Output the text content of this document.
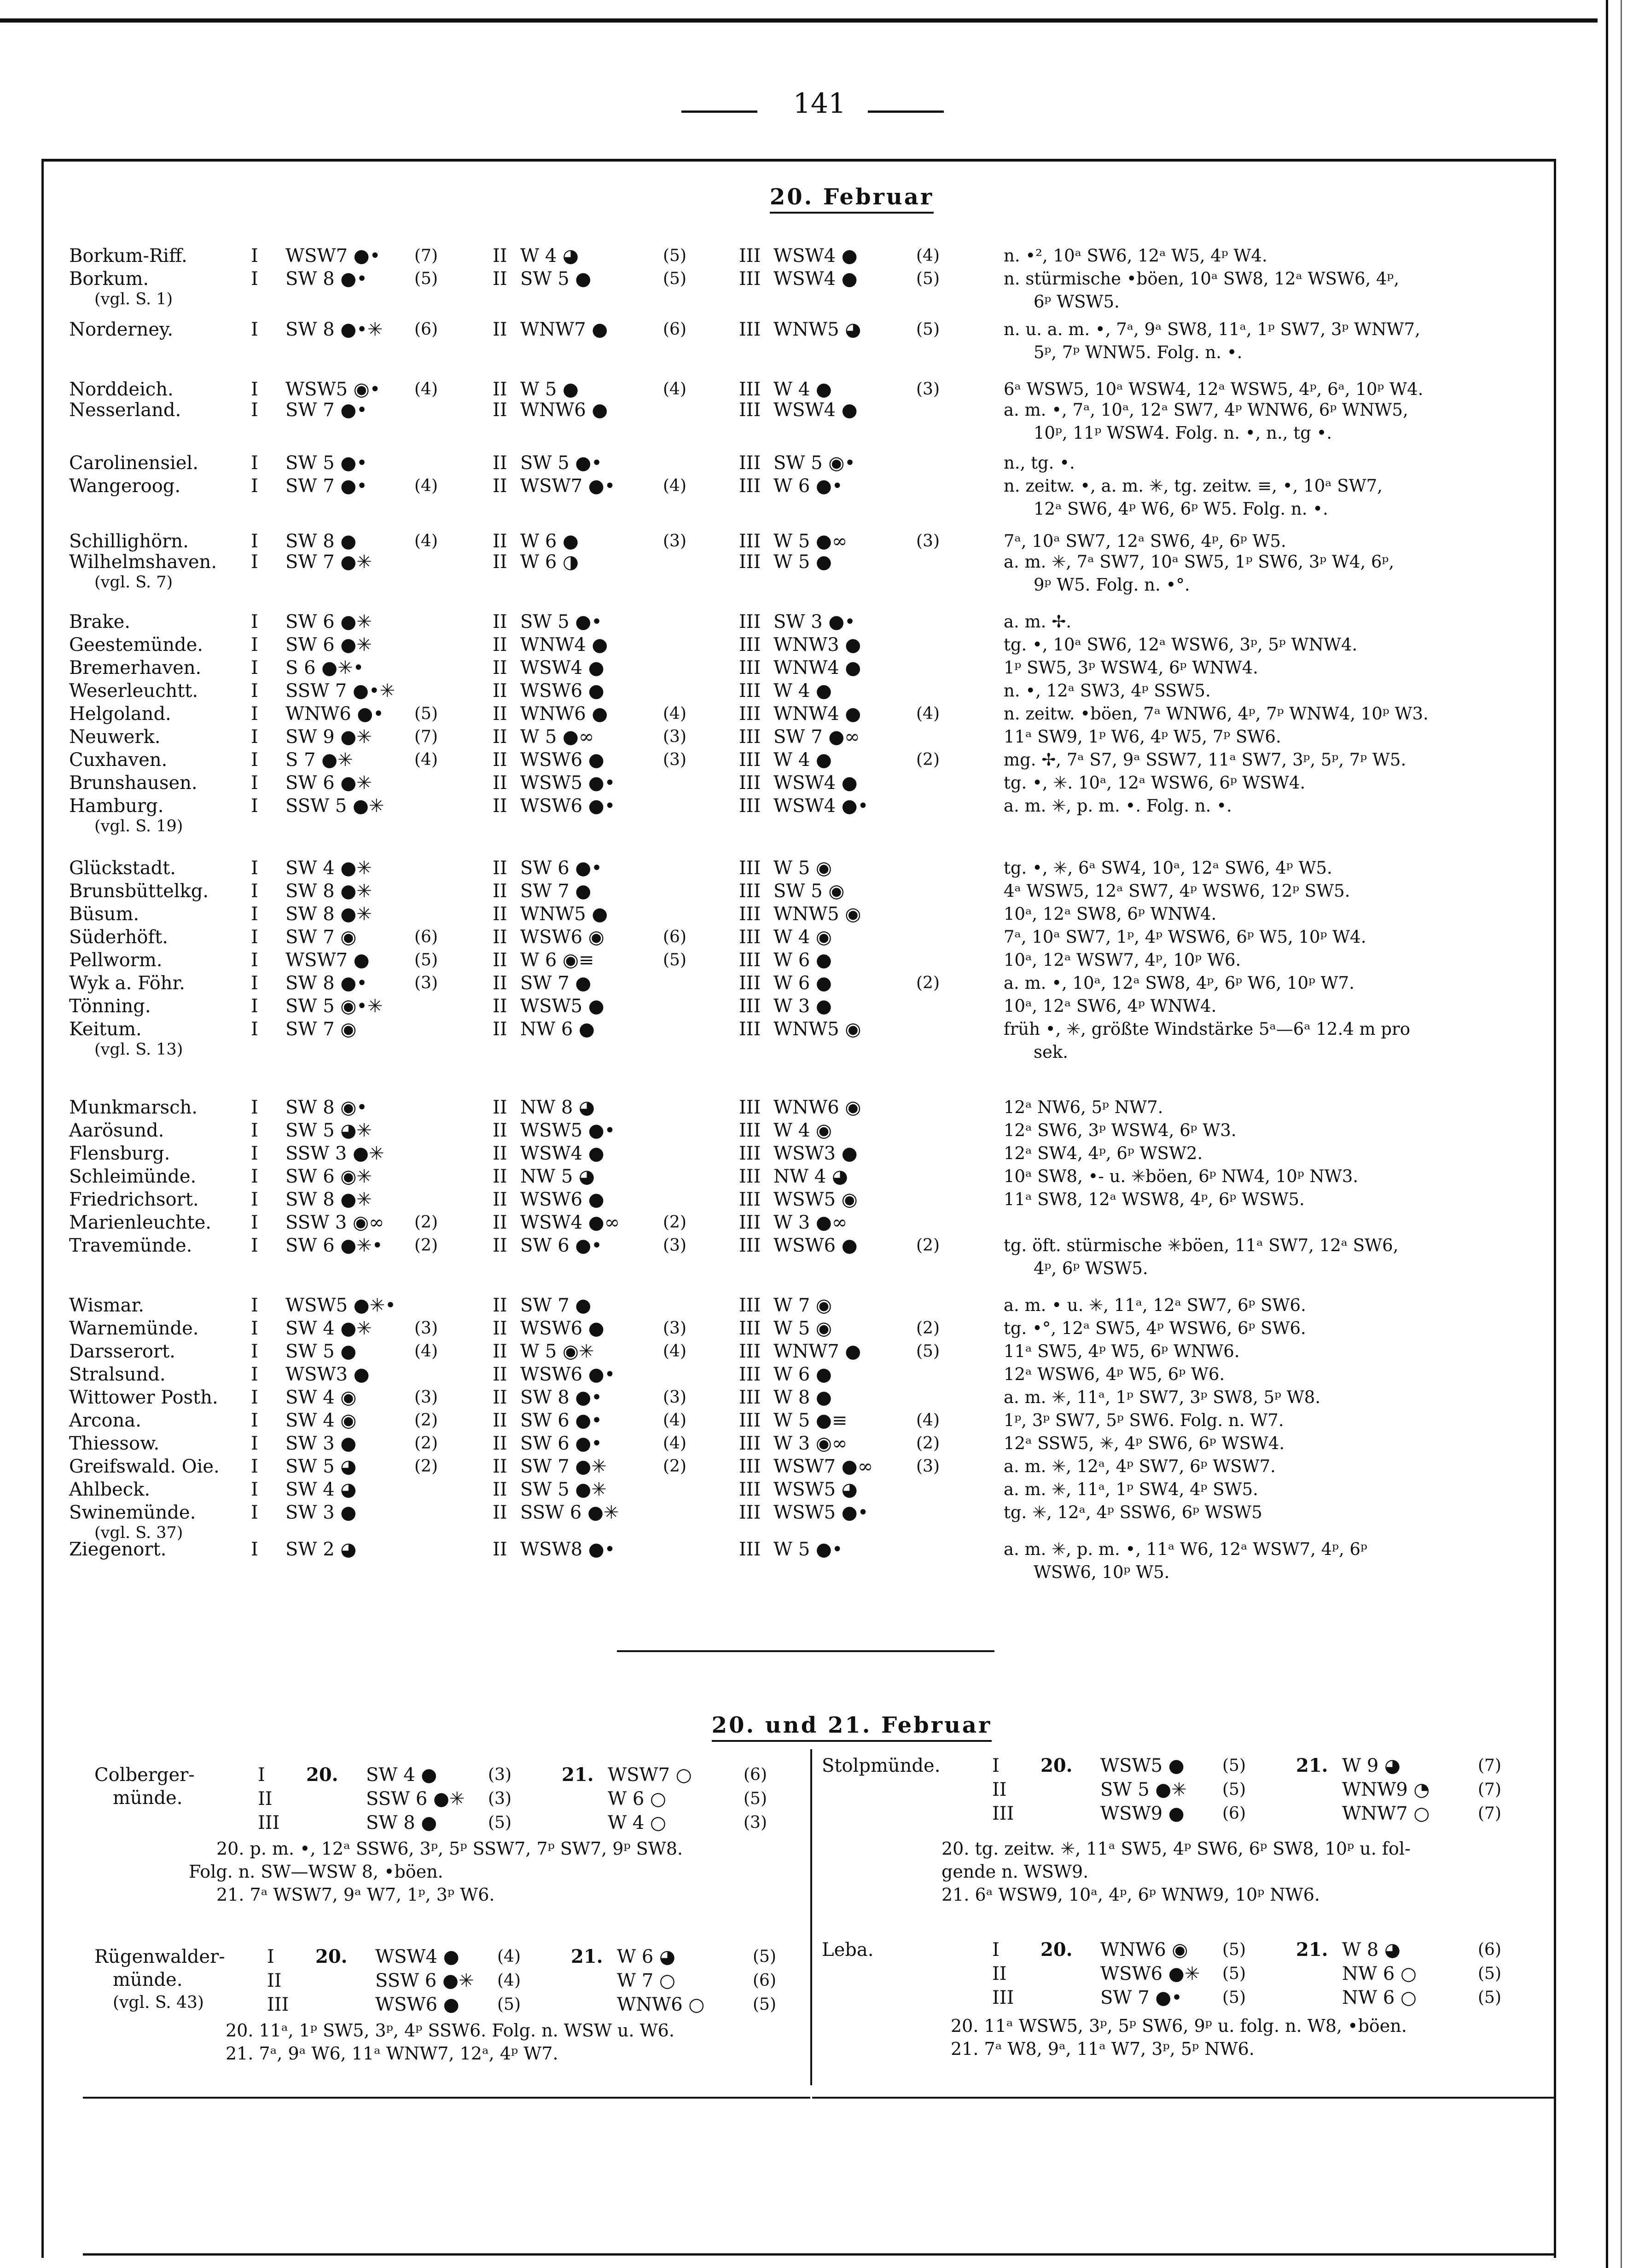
141
20. Februar
Borkum-Riff.	I WSW7 ●• (7)	II W 4 ◕	(5)	III WSW4 ●	(4)	n. •², 10ᵃ SW6, 12ᵃ W5, 4ᵖ W4.
Borkum.	I SW 8 ●•	(5)	II SW 5 ●	(5)	III WSW4 ●	(5)	n. stürmische •böen, 10ᵃ SW8, 12ᵃ WSW6, 4ᵖ,
(vgl. S. 1)	6ᵖ WSW5.
Norderney.	I SW 8 ●•✳ (6)	II WNW7 ●	(6)	III WNW5 ◕	(5)	n. u. a. m. •, 7ᵃ, 9ᵃ SW8, 11ᵃ, 1ᵖ SW7, 3ᵖ WNW7,
5ᵖ, 7ᵖ WNW5. Folg. n. •.
Norddeich.	I WSW5 ◉• (4)	II W 5 ●	(4)	III W 4 ●	(3)	6ᵃ WSW5, 10ᵃ WSW4, 12ᵃ WSW5, 4ᵖ, 6ᵃ, 10ᵖ W4.
Nesserland.	I SW 7 ●•	II WNW6 ●	III WSW4 ●	a. m. •, 7ᵃ, 10ᵃ, 12ᵃ SW7, 4ᵖ WNW6, 6ᵖ WNW5,
10ᵖ, 11ᵖ WSW4. Folg. n. •, n., tg •.
Carolinensiel.	I SW 5 ●•	II SW 5 ●•	III SW 5 ◉•	n., tg. •.
Wangeroog.	I SW 7 ●•	(4)	II WSW7 ●•	(4)	III W 6 ●•	n. zeitw. •, a. m. ✳, tg. zeitw. ≡, •, 10ᵃ SW7,
12ᵃ SW6, 4ᵖ W6, 6ᵖ W5. Folg. n. •.
Schillighörn.	I SW 8 ●	(4)	II W 6 ●	(3)	III W 5 ●∞	(3)	7ᵃ, 10ᵃ SW7, 12ᵃ SW6, 4ᵖ, 6ᵖ W5.
Wilhelmshaven. I SW 7 ●✳	II W 6 ◑	III W 5 ●	a. m. ✳, 7ᵃ SW7, 10ᵃ SW5, 1ᵖ SW6, 3ᵖ W4, 6ᵖ,
(vgl. S. 7)	9ᵖ W5. Folg. n. •°.
Brake.	I SW 6 ●✳	II SW 5 ●•	III SW 3 ●•	a. m. ✢.
Geestemünde.	I SW 6 ●✳	II WNW4 ●	III WNW3 ●	tg. •, 10ᵃ SW6, 12ᵃ WSW6, 3ᵖ, 5ᵖ WNW4.
Bremerhaven.	I S 6 ●✳•	II WSW4 ●	III WNW4 ●	1ᵖ SW5, 3ᵖ WSW4, 6ᵖ WNW4.
Weserleuchtt.	I SSW 7 ●•✳	II WSW6 ●	III W 4 ●	n. •, 12ᵃ SW3, 4ᵖ SSW5.
Helgoland.	I WNW6 ●• (5)	II WNW6 ●	(4)	III WNW4 ●	(4)	n. zeitw. •böen, 7ᵃ WNW6, 4ᵖ, 7ᵖ WNW4, 10ᵖ W3.
Neuwerk.	I SW 9 ●✳	(7)	II W 5 ●∞	(3)	III SW 7 ●∞	11ᵃ SW9, 1ᵖ W6, 4ᵖ W5, 7ᵖ SW6.
Cuxhaven.	I S 7 ●✳	(4)	II WSW6 ●	(3)	III W 4 ●	(2)	mg. ✢, 7ᵃ S7, 9ᵃ SSW7, 11ᵃ SW7, 3ᵖ, 5ᵖ, 7ᵖ W5.
Brunshausen.	I SW 6 ●✳	II WSW5 ●•	III WSW4 ●	tg. •, ✳. 10ᵃ, 12ᵃ WSW6, 6ᵖ WSW4.
Hamburg.	I SSW 5 ●✳	II WSW6 ●•	III WSW4 ●•	a. m. ✳, p. m. •. Folg. n. •.
(vgl. S. 19)
Glückstadt.	I SW 4 ●✳	II SW 6 ●•	III W 5 ◉	tg. •, ✳, 6ᵃ SW4, 10ᵃ, 12ᵃ SW6, 4ᵖ W5.
Brunsbüttelkg. I SW 8 ●✳	II SW 7 ●	III SW 5 ◉	4ᵃ WSW5, 12ᵃ SW7, 4ᵖ WSW6, 12ᵖ SW5.
Büsum.	I SW 8 ●✳	II WNW5 ●	III WNW5 ◉	10ᵃ, 12ᵃ SW8, 6ᵖ WNW4.
Süderhöft.	I SW 7 ◉	(6)	II WSW6 ◉	(6)	III W 4 ◉	7ᵃ, 10ᵃ SW7, 1ᵖ, 4ᵖ WSW6, 6ᵖ W5, 10ᵖ W4.
Pellworm.	I WSW7 ●	(5)	II W 6 ◉≡	(5)	III W 6 ●	10ᵃ, 12ᵃ WSW7, 4ᵖ, 10ᵖ W6.
Wyk a. Föhr.	I SW 8 ●•	(3)	II SW 7 ●	III W 6 ●	(2)	a. m. •, 10ᵃ, 12ᵃ SW8, 4ᵖ, 6ᵖ W6, 10ᵖ W7.
Tönning.	I SW 5 ◉•✳	II WSW5 ●	III W 3 ●	10ᵃ, 12ᵃ SW6, 4ᵖ WNW4.
Keitum.	I SW 7 ◉	II NW 6 ●	III WNW5 ◉	früh •, ✳, größte Windstärke 5ᵃ—6ᵃ 12.4 m pro
(vgl. S. 13)	sek.
Munkmarsch.	I SW 8 ◉•	II NW 8 ◕	III WNW6 ◉	12ᵃ NW6, 5ᵖ NW7.
Aarösund.	I SW 5 ◕✳	II WSW5 ●•	III W 4 ◉	12ᵃ SW6, 3ᵖ WSW4, 6ᵖ W3.
Flensburg.	I SSW 3 ●✳	II WSW4 ●	III WSW3 ●	12ᵃ SW4, 4ᵖ, 6ᵖ WSW2.
Schleimünde.	I SW 6 ◉✳	II NW 5 ◕	III NW 4 ◕	10ᵃ SW8, •- u. ✳böen, 6ᵖ NW4, 10ᵖ NW3.
Friedrichsort.	I SW 8 ●✳	II WSW6 ●	III WSW5 ◉	11ᵃ SW8, 12ᵃ WSW8, 4ᵖ, 6ᵖ WSW5.
Marienleuchte. I SSW 3 ◉∞ (2)	II WSW4 ●∞	(2)	III W 3 ●∞
Travemünde.	I SW 6 ●✳• (2)	II SW 6 ●•	(3)	III WSW6 ●	(2)	tg. öft. stürmische ✳böen, 11ᵃ SW7, 12ᵃ SW6,
4ᵖ, 6ᵖ WSW5.
Wismar.	I WSW5 ●✳•	II SW 7 ●	III W 7 ◉	a. m. • u. ✳, 11ᵃ, 12ᵃ SW7, 6ᵖ SW6.
Warnemünde.	I SW 4 ●✳	(3)	II WSW6 ●	(3)	III W 5 ◉	(2)	tg. •°, 12ᵃ SW5, 4ᵖ WSW6, 6ᵖ SW6.
Darsserort.	I SW 5 ●	(4)	II W 5 ◉✳	(4)	III WNW7 ●	(5)	11ᵃ SW5, 4ᵖ W5, 6ᵖ WNW6.
Stralsund.	I WSW3 ●	II WSW6 ●•	III W 6 ●	12ᵃ WSW6, 4ᵖ W5, 6ᵖ W6.
Wittower Posth. I SW 4 ◉	(3)	II SW 8 ●•	(3)	III W 8 ●	a. m. ✳, 11ᵃ, 1ᵖ SW7, 3ᵖ SW8, 5ᵖ W8.
Arcona.	I SW 4 ◉	(2)	II SW 6 ●•	(4)	III W 5 ●≡	(4)	1ᵖ, 3ᵖ SW7, 5ᵖ SW6. Folg. n. W7.
Thiessow.	I SW 3 ●	(2)	II SW 6 ●•	(4)	III W 3 ◉∞	(2)	12ᵃ SSW5, ✳, 4ᵖ SW6, 6ᵖ WSW4.
Greifswald. Oie. I SW 5 ◕	(2)	II SW 7 ●✳	(2)	III WSW7 ●∞	(3)	a. m. ✳, 12ᵃ, 4ᵖ SW7, 6ᵖ WSW7.
Ahlbeck.	I SW 4 ◕	II SW 5 ●✳	III WSW5 ◕	a. m. ✳, 11ᵃ, 1ᵖ SW4, 4ᵖ SW5.
Swinemünde.	I SW 3 ●	II SSW 6 ●✳	III WSW5 ●•	tg. ✳, 12ᵃ, 4ᵖ SSW6, 6ᵖ WSW5
(vgl. S. 37)
Ziegenort.	I SW 2 ◕	II WSW8 ●•	III W 5 ●•	a. m. ✳, p. m. •, 11ᵃ W6, 12ᵃ WSW7, 4ᵖ, 6ᵖ
WSW6, 10ᵖ W5.
20. und 21. Februar
Colberger-
münde.
I 20.	21.
SW 4 ●	(3)	WSW7 ○	(6)
II	SSW 6 ●✳ (3)	W 6 ○	(5)
III	SW 8 ●	(5)	W 4 ○	(3)
20. p. m. •, 12ᵃ SSW6, 3ᵖ, 5ᵖ SSW7, 7ᵖ SW7, 9ᵖ SW8.
Folg. n. SW—WSW 8, •böen.
21. 7ᵃ WSW7, 9ᵃ W7, 1ᵖ, 3ᵖ W6.
Rügenwalder-
münde.
(vgl. S. 43)
I 20.	21.
WSW4 ● (4)	W 6 ◕	(5)
II	SSW 6 ●✳ (4)	W 7 ○	(6)
III	WSW6 ● (5)	WNW6 ○	(5)
20. 11ᵃ, 1ᵖ SW5, 3ᵖ, 4ᵖ SSW6. Folg. n. WSW u. W6.
21. 7ᵃ, 9ᵃ W6, 11ᵃ WNW7, 12ᵃ, 4ᵖ W7.
Stolpmünde.	I 20.	21.
WSW5 ● (5)	W 9 ◕	(7)
II	SW 5 ●✳ (5)	WNW9 ◔	(7)
III	WSW9 ● (6)	WNW7 ○	(7)
20. tg. zeitw. ✳, 11ᵃ SW5, 4ᵖ SW6, 6ᵖ SW8, 10ᵖ u. fol-
gende n. WSW9.
21. 6ᵃ WSW9, 10ᵃ, 4ᵖ, 6ᵖ WNW9, 10ᵖ NW6.
Leba.	I 20.	21.
WNW6 ◉ (5)	W 8 ◕	(6)
II	WSW6 ●✳ (5)	NW 6 ○	(5)
III	SW 7 ●• (5)	NW 6 ○	(5)
20. 11ᵃ WSW5, 3ᵖ, 5ᵖ SW6, 9ᵖ u. folg. n. W8, •böen.
21. 7ᵃ W8, 9ᵃ, 11ᵃ W7, 3ᵖ, 5ᵖ NW6.
